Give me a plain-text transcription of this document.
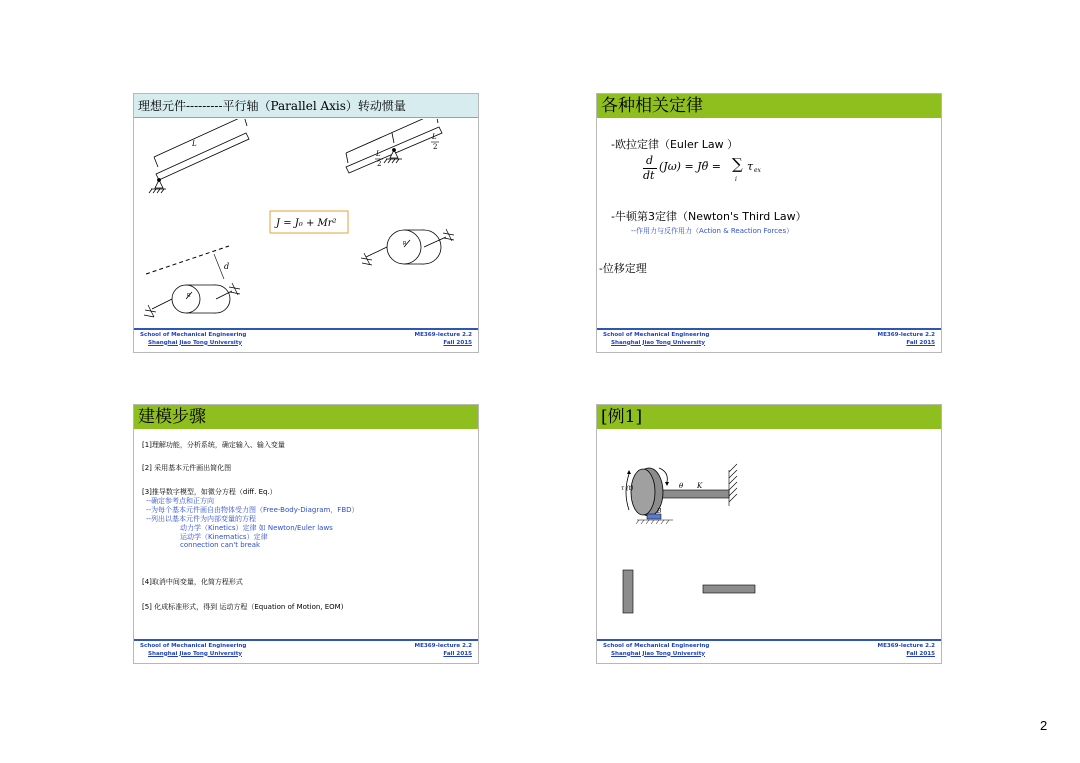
理想元件---------平行轴（Parallel Axis）转动惯量
L
L
2
L
2
J = J₀ + Mr²
d
R
R
School of Mechanical Engineering
Shanghai Jiao Tong University
ME369-lecture 2.2
Fall 2015
各种相关定律
-欧拉定律（Euler Law ）
d
dt
(Jω) = Jθ̈ = ∑
i
τ ex
-牛顿第3定律（Newton's Third Law）
--作用力与反作用力（Action & Reaction Forces）
-位移定理
School of Mechanical Engineering
Shanghai Jiao Tong University
ME369-lecture 2.2
Fall 2015
建模步骤
[1]理解功能，分析系统，确定输入、输入变量
[2] 采用基本元件画出简化图
[3]推导数字模型，如微分方程（diff. Eq.）
--确定参考点和正方向
--为每个基本元件画自由物体受力图（Free-Body-Diagram，FBD）
--列出以基本元件为内部变量的方程
动力学（Kinetics）定律 如 Newton/Euler laws
运动学（Kinematics）定律
connection can't break
[4]取消中间变量，化简方程形式
[5] 化成标准形式，得到 运动方程（Equation of Motion, EOM)
School of Mechanical Engineering
Shanghai Jiao Tong University
ME369-lecture 2.2
Fall 2015
[例1]
τ (t)	θ K
B
School of Mechanical Engineering
Shanghai Jiao Tong University
ME369-lecture 2.2
Fall 2015
2
